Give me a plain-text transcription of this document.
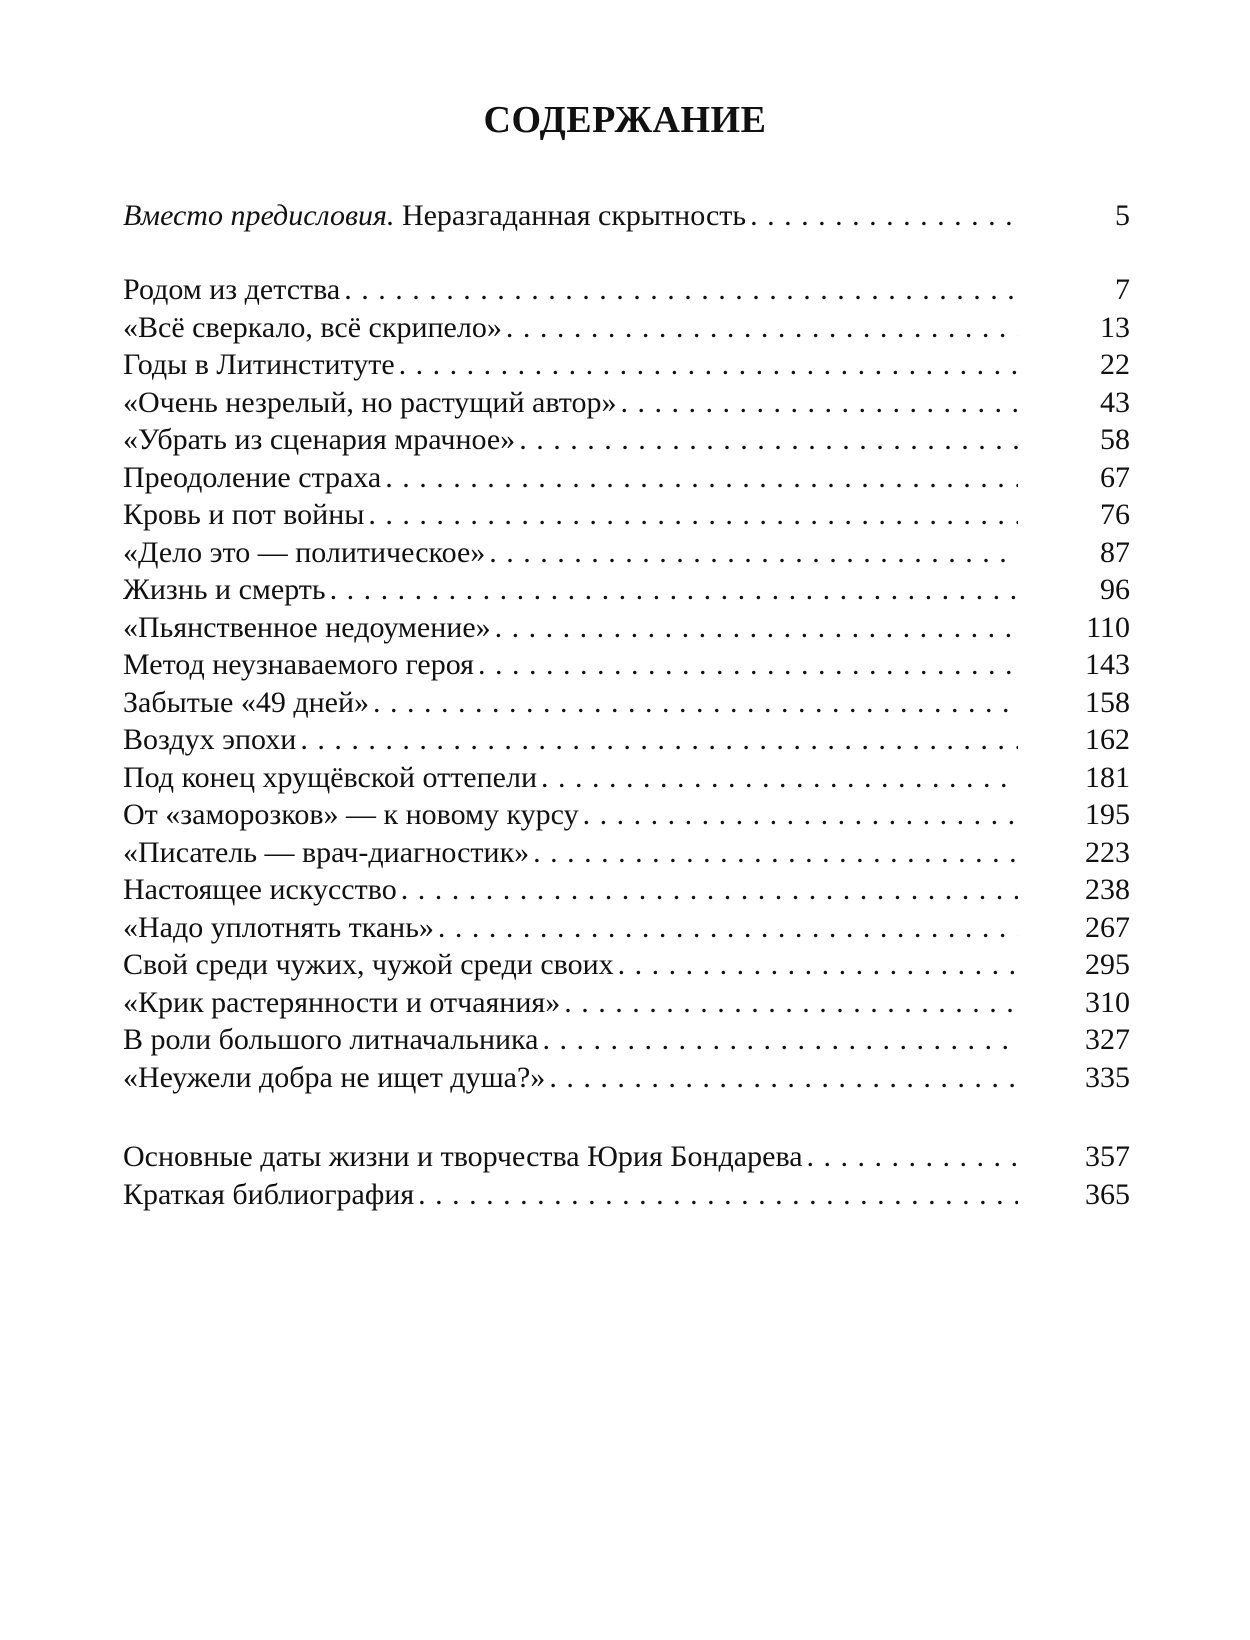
СОДЕРЖАНИЕ
Вместо предисловия. Неразгаданная скрытность . . .	5
Родом из детства . . .	7
«Всё сверкало, всё скрипело» . . .	13
Годы в Литинституте . . .	22
«Очень незрелый, но растущий автор» . . .	43
«Убрать из сценария мрачное» . . .	58
Преодоление страха . . .	67
Кровь и пот войны . . .	76
«Дело это — политическое» . . .	87
Жизнь и смерть . . .	96
«Пьянственное недоумение» . . .	110
Метод неузнаваемого героя . . .	143
Забытые «49 дней» . . .	158
Воздух эпохи . . .	162
Под конец хрущёвской оттепели . . .	181
От «заморозков» — к новому курсу . . .	195
«Писатель — врач-диагностик» . . .	223
Настоящее искусство . . .	238
«Надо уплотнять ткань» . . .	267
Свой среди чужих, чужой среди своих . . .	295
«Крик растерянности и отчаяния» . . .	310
В роли большого литначальника . . .	327
«Неужели добра не ищет душа?» . . .	335
Основные даты жизни и творчества Юрия Бондарева . . .	357
Краткая библиография . . .	365
